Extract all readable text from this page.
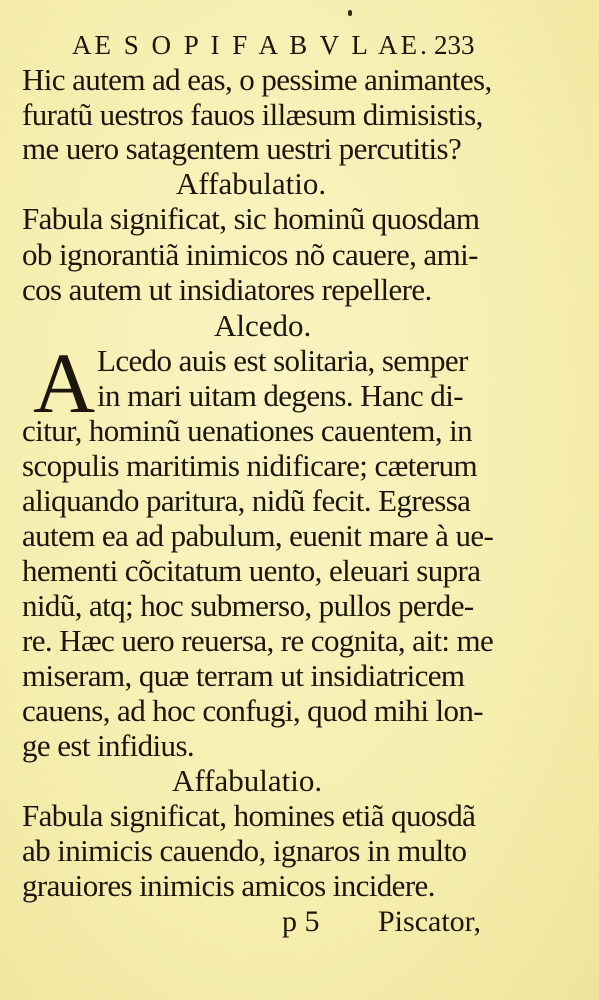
AE S O P I F A B V L AE. 233
Hic autem ad eas, o pessime animantes,
furatũ uestros fauos illæsum dimisistis,
me uero satagentem uestri percutitis?
Affabulatio.
Fabula significat, sic hominũ quosdam
ob ignorantiã inimicos nõ cauere, ami-
cos autem ut insidiatores repellere.
Alcedo.
A Lcedo auis est solitaria, semper
in mari uitam degens. Hanc di-
citur, hominũ uenationes cauentem, in
scopulis maritimis nidificare; cæterum
aliquando paritura, nidũ fecit. Egressa
autem ea ad pabulum, euenit mare à ue-
hementi cõcitatum uento, eleuari supra
nidũ, atq; hoc submerso, pullos perde-
re. Hæc uero reuersa, re cognita, ait: me
miseram, quæ terram ut insidiatricem
cauens, ad hoc confugi, quod mihi lon-
ge est infidius.
Affabulatio.
Fabula significat, homines etiã quosdã
ab inimicis cauendo, ignaros in multo
grauiores inimicis amicos incidere.
p 5 Piscator,
